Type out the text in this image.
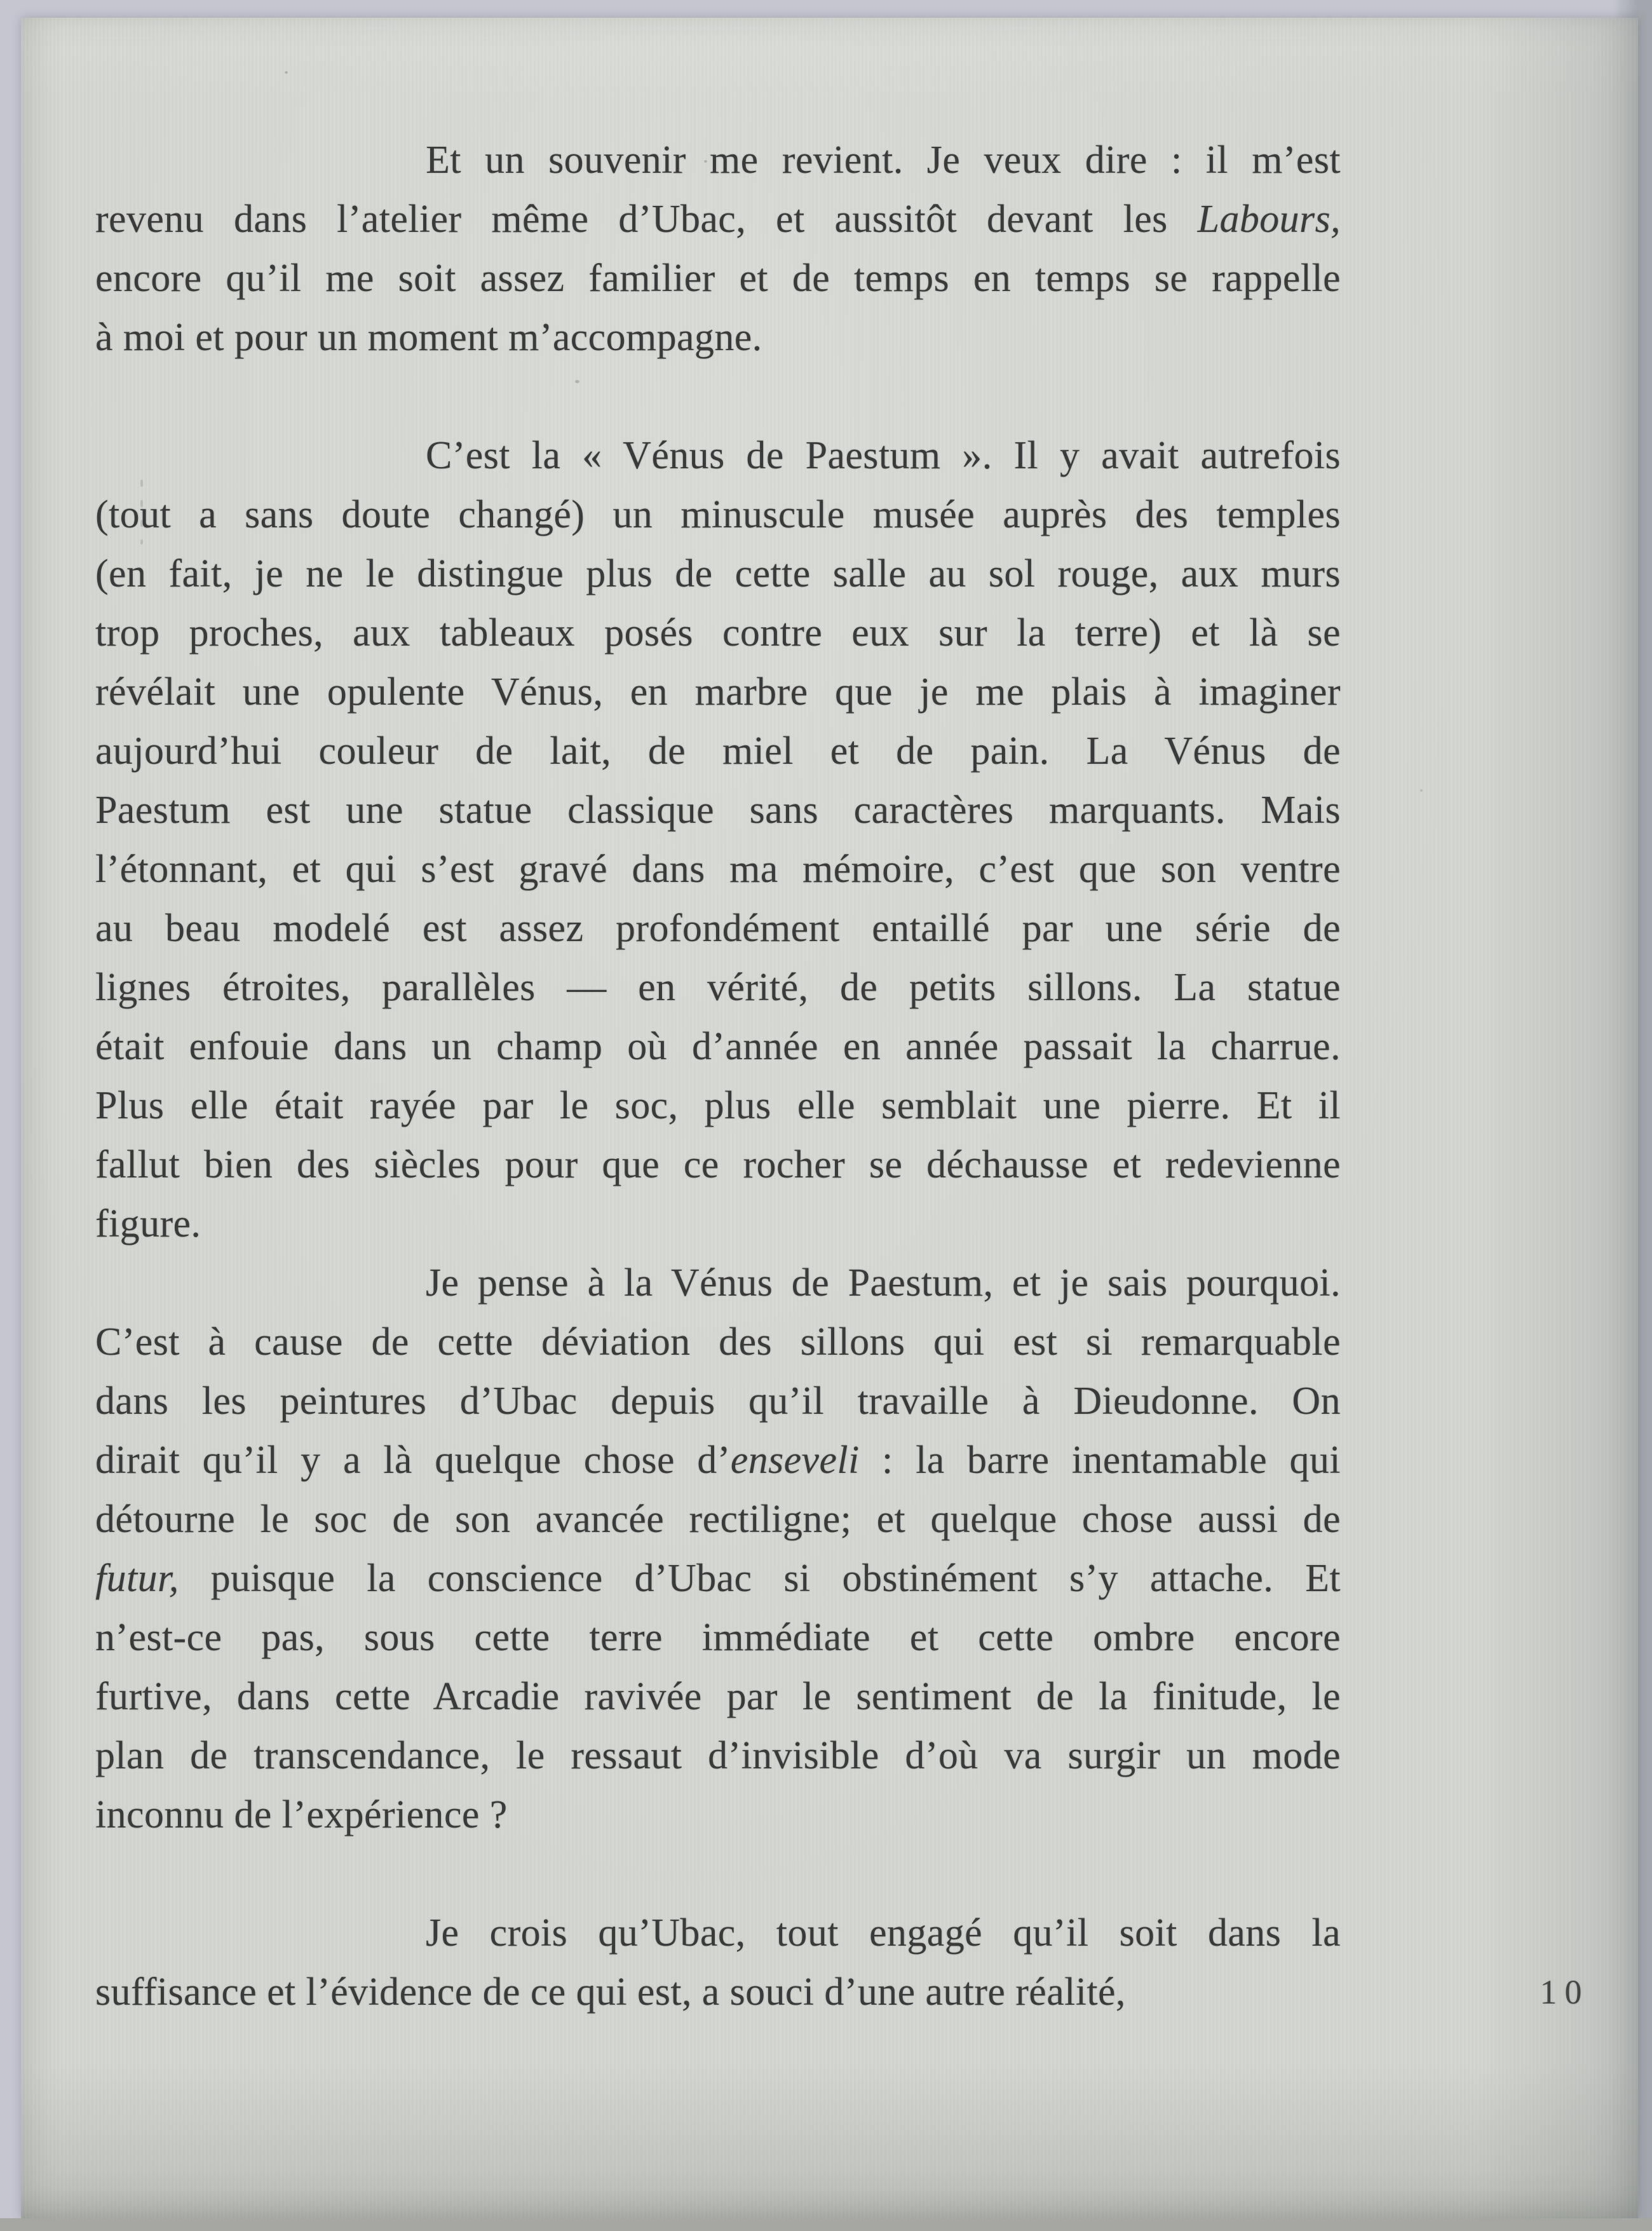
Et un souvenir me revient. Je veux dire : il m’est
revenu dans l’atelier même d’Ubac, et aussitôt devant les Labours,
encore qu’il me soit assez familier et de temps en temps se rappelle
à moi et pour un moment m’accompagne.
C’est la « Vénus de Paestum ». Il y avait autrefois
(tout a sans doute changé) un minuscule musée auprès des temples
(en fait, je ne le distingue plus de cette salle au sol rouge, aux murs
trop proches, aux tableaux posés contre eux sur la terre) et là se
révélait une opulente Vénus, en marbre que je me plais à imaginer
aujourd’hui couleur de lait, de miel et de pain. La Vénus de
Paestum est une statue classique sans caractères marquants. Mais
l’étonnant, et qui s’est gravé dans ma mémoire, c’est que son ventre
au beau modelé est assez profondément entaillé par une série de
lignes étroites, parallèles — en vérité, de petits sillons. La statue
était enfouie dans un champ où d’année en année passait la charrue.
Plus elle était rayée par le soc, plus elle semblait une pierre. Et il
fallut bien des siècles pour que ce rocher se déchausse et redevienne
figure.
Je pense à la Vénus de Paestum, et je sais pourquoi.
C’est à cause de cette déviation des sillons qui est si remarquable
dans les peintures d’Ubac depuis qu’il travaille à Dieudonne. On
dirait qu’il y a là quelque chose d’enseveli : la barre inentamable qui
détourne le soc de son avancée rectiligne; et quelque chose aussi de
futur, puisque la conscience d’Ubac si obstinément s’y attache. Et
n’est-ce pas, sous cette terre immédiate et cette ombre encore
furtive, dans cette Arcadie ravivée par le sentiment de la finitude, le
plan de transcendance, le ressaut d’invisible d’où va surgir un mode
inconnu de l’expérience ?
Je crois qu’Ubac, tout engagé qu’il soit dans la
suffisance et l’évidence de ce qui est, a souci d’une autre réalité,	10
